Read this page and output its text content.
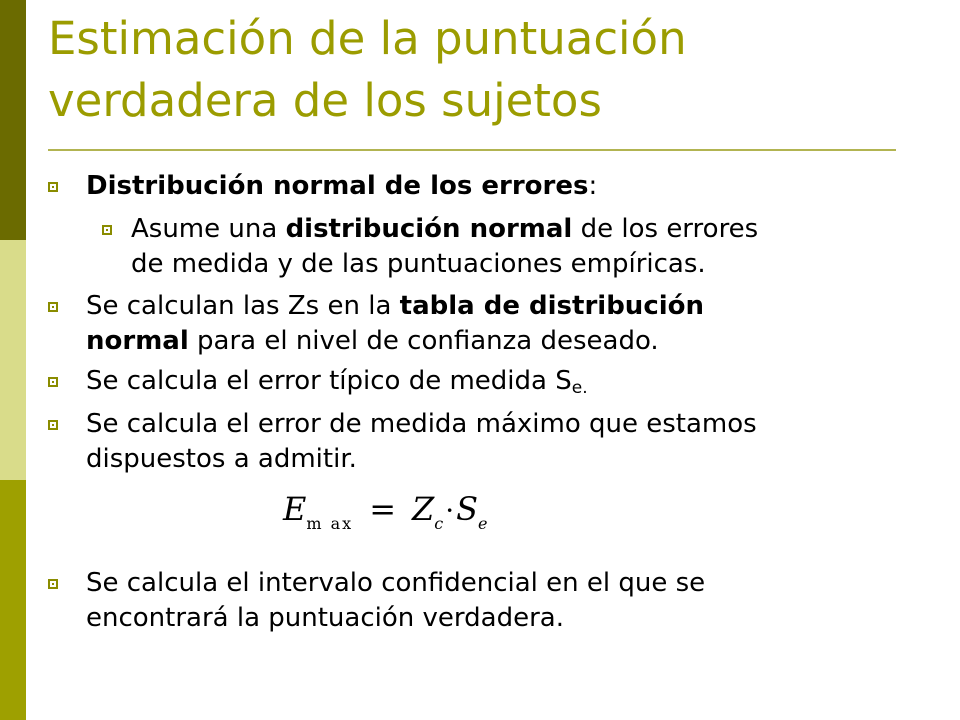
Estimación de la puntuación
verdadera de los sujetos
Distribución normal de los errores:
Asume una distribución normal de los errores
de medida y de las puntuaciones empíricas.
Se calculan las Zs en la tabla de distribución
normal para el nivel de confianza deseado.
Se calcula el error típico de medida $S_{e.}$
Se calcula el error de medida máximo que estamos
dispuestos a admitir.
Se calcula el intervalo confidencial en el que se
encontrará la puntuación verdadera.
Em ax = Zc·Se
